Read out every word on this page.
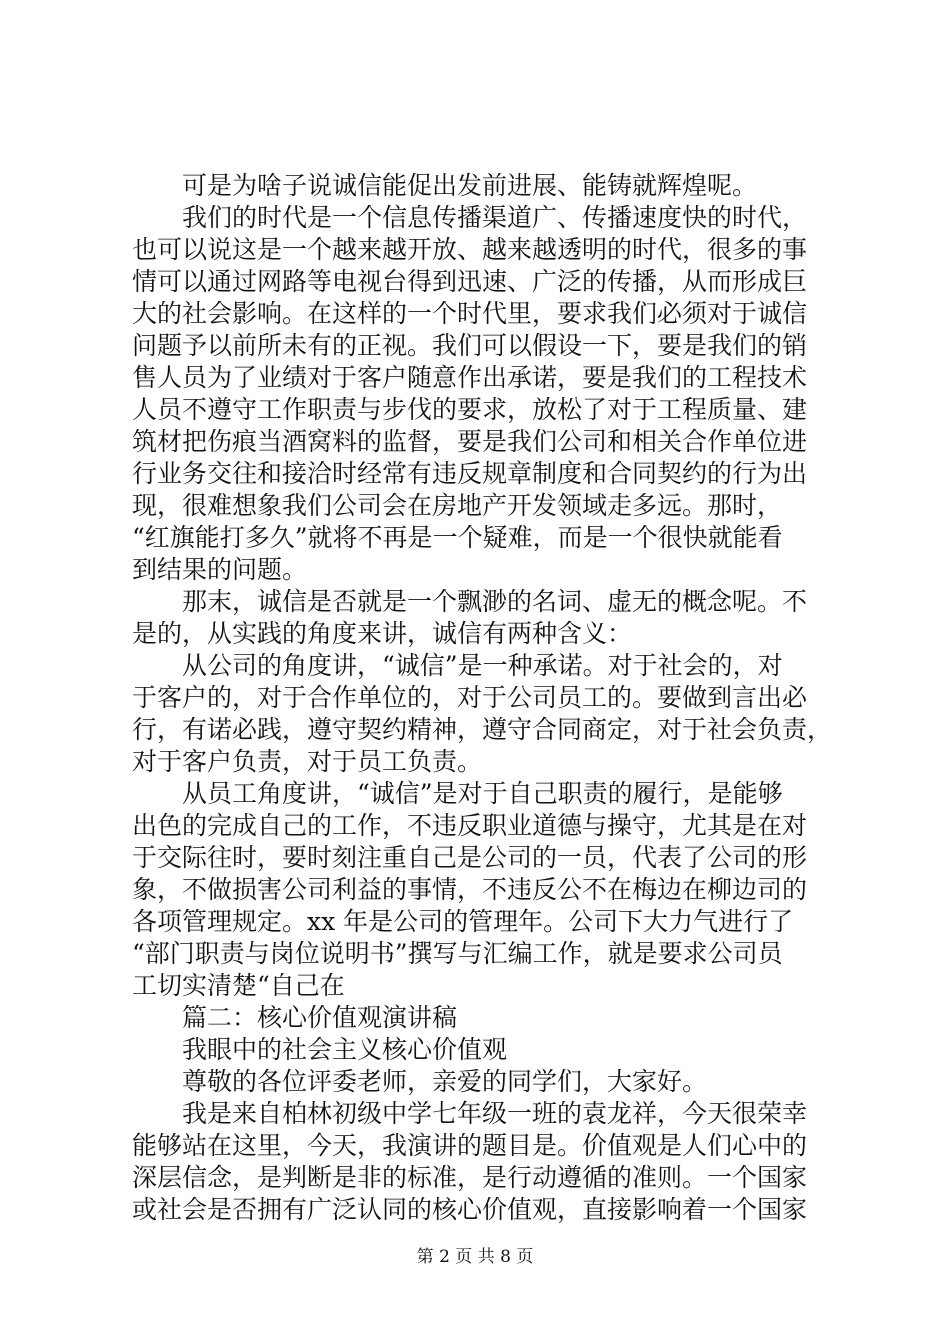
可是为啥子说诚信能促出发前进展、能铸就辉煌呢。
我们的时代是一个信息传播渠道广、传播速度快的时代，
也可以说这是一个越来越开放、越来越透明的时代，很多的事
情可以通过网路等电视台得到迅速、广泛的传播，从而形成巨
大的社会影响。在这样的一个时代里，要求我们必须对于诚信
问题予以前所未有的正视。我们可以假设一下，要是我们的销
售人员为了业绩对于客户随意作出承诺，要是我们的工程技术
人员不遵守工作职责与步伐的要求，放松了对于工程质量、建
筑材把伤痕当酒窝料的监督，要是我们公司和相关合作单位进
行业务交往和接洽时经常有违反规章制度和合同契约的行为出
现，很难想象我们公司会在房地产开发领域走多远。那时，
“红旗能打多久”就将不再是一个疑难，而是一个很快就能看
到结果的问题。
那末，诚信是否就是一个飘渺的名词、虚无的概念呢。不
是的，从实践的角度来讲，诚信有两种含义：
从公司的角度讲，“诚信”是一种承诺。对于社会的，对
于客户的，对于合作单位的，对于公司员工的。要做到言出必
行，有诺必践，遵守契约精神，遵守合同商定，对于社会负责，
对于客户负责，对于员工负责。
从员工角度讲，“诚信”是对于自己职责的履行，是能够
出色的完成自己的工作，不违反职业道德与操守，尤其是在对
于交际往时，要时刻注重自己是公司的一员，代表了公司的形
象，不做损害公司利益的事情，不违反公不在梅边在柳边司的
各项管理规定。xx 年是公司的管理年。公司下大力气进行了
“部门职责与岗位说明书”撰写与汇编工作，就是要求公司员
工切实清楚“自己在
篇二：核心价值观演讲稿
我眼中的社会主义核心价值观
尊敬的各位评委老师，亲爱的同学们，大家好。
我是来自柏林初级中学七年级一班的袁龙祥，今天很荣幸
能够站在这里，今天，我演讲的题目是。价值观是人们心中的
深层信念，是判断是非的标准，是行动遵循的准则。一个国家
或社会是否拥有广泛认同的核心价值观，直接影响着一个国家
第 2 页 共 8 页
